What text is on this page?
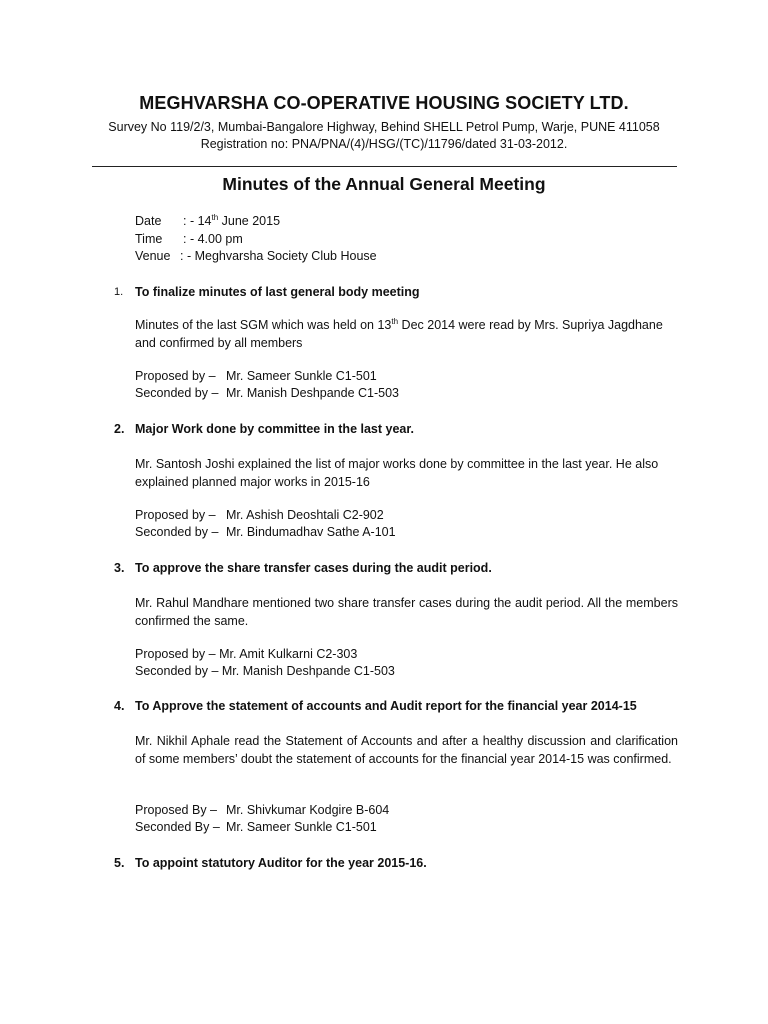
MEGHVARSHA CO-OPERATIVE HOUSING SOCIETY LTD.
Survey No 119/2/3, Mumbai-Bangalore Highway, Behind SHELL Petrol Pump, Warje, PUNE 411058
Registration no: PNA/PNA/(4)/HSG/(TC)/11796/dated 31-03-2012.
Minutes of the Annual General Meeting
Date : - 14th June 2015
Time : - 4.00 pm
Venue : - Meghvarsha Society Club House
1. To finalize minutes of last general body meeting
Minutes of the last SGM which was held on 13th Dec 2014 were read by Mrs. Supriya Jagdhane and confirmed by all members
Proposed by – Mr. Sameer Sunkle C1-501
Seconded by – Mr. Manish Deshpande C1-503
2. Major Work done by committee in the last year.
Mr. Santosh Joshi explained the list of major works done by committee in the last year. He also explained planned major works in 2015-16
Proposed by – Mr. Ashish Deoshtali C2-902
Seconded by – Mr. Bindumadhav Sathe A-101
3. To approve the share transfer cases during the audit period.
Mr. Rahul Mandhare mentioned two share transfer cases during the audit period. All the members confirmed the same.
Proposed by – Mr. Amit Kulkarni C2-303
Seconded by – Mr. Manish Deshpande C1-503
4. To Approve the statement of accounts and Audit report for the financial year 2014-15
Mr. Nikhil Aphale read the Statement of Accounts and after a healthy discussion and clarification of some members’ doubt the statement of accounts for the financial year 2014-15 was confirmed.
Proposed By – Mr. Shivkumar Kodgire B-604
Seconded By – Mr. Sameer Sunkle C1-501
5. To appoint statutory Auditor for the year 2015-16.
